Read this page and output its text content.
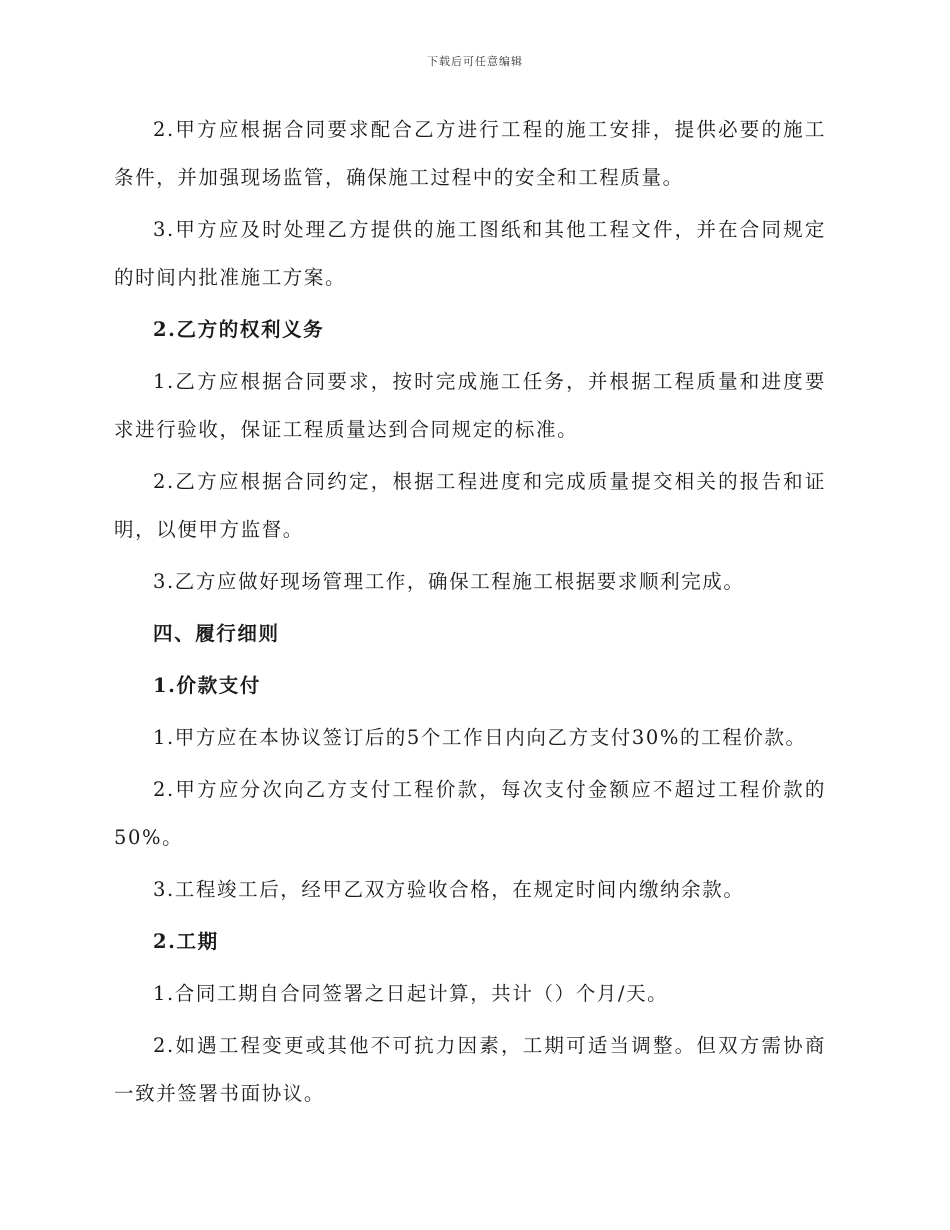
下载后可任意编辑

2.甲方应根据合同要求配合乙方进行工程的施工安排，提供必要的施工条件，并加强现场监管，确保施工过程中的安全和工程质量。

3.甲方应及时处理乙方提供的施工图纸和其他工程文件，并在合同规定的时间内批准施工方案。

2.乙方的权利义务

1.乙方应根据合同要求，按时完成施工任务，并根据工程质量和进度要求进行验收，保证工程质量达到合同规定的标准。

2.乙方应根据合同约定，根据工程进度和完成质量提交相关的报告和证明，以便甲方监督。

3.乙方应做好现场管理工作，确保工程施工根据要求顺利完成。

四、履行细则

1.价款支付

1.甲方应在本协议签订后的5个工作日内向乙方支付30%的工程价款。

2.甲方应分次向乙方支付工程价款，每次支付金额应不超过工程价款的50%。

3.工程竣工后，经甲乙双方验收合格，在规定时间内缴纳余款。

2.工期

1.合同工期自合同签署之日起计算，共计（）个月/天。

2.如遇工程变更或其他不可抗力因素，工期可适当调整。但双方需协商一致并签署书面协议。
